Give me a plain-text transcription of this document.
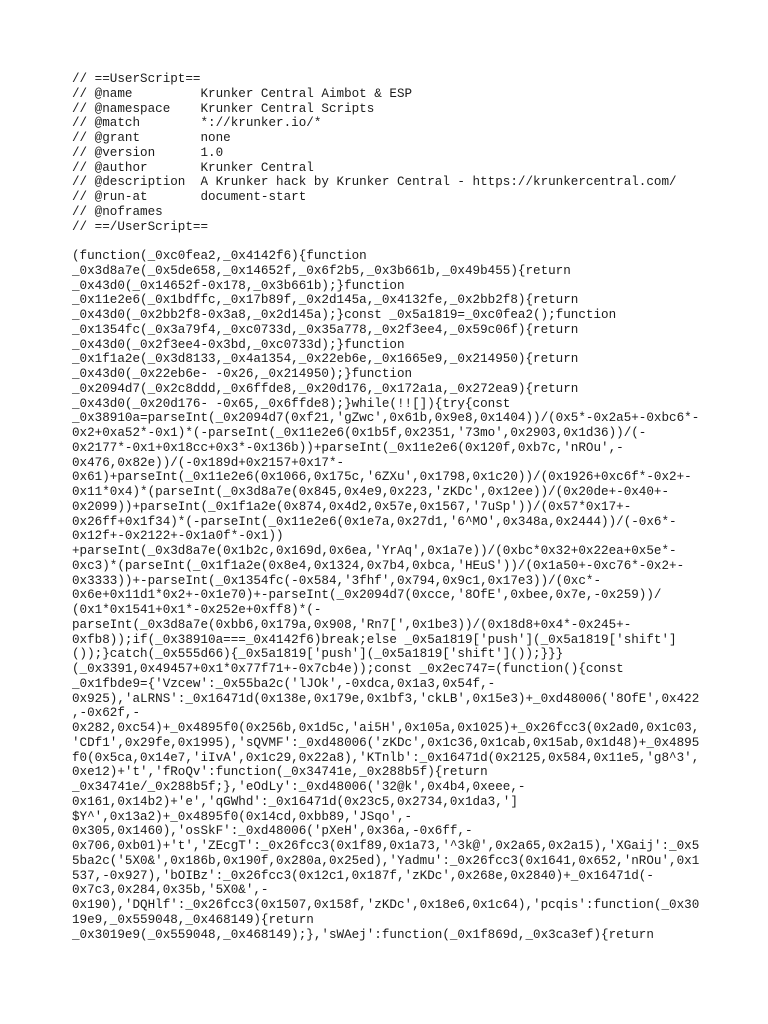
// ==UserScript==
// @name         Krunker Central Aimbot & ESP
// @namespace    Krunker Central Scripts
// @match        *://krunker.io/*
// @grant        none
// @version      1.0
// @author       Krunker Central
// @description  A Krunker hack by Krunker Central - https://krunkercentral.com/
// @run-at       document-start
// @noframes
// ==/UserScript==
(function(_0xc0fea2,_0x4142f6){function
_0x3d8a7e(_0x5de658,_0x14652f,_0x6f2b5,_0x3b661b,_0x49b455){return
_0x43d0(_0x14652f-0x178,_0x3b661b);}function
_0x11e2e6(_0x1bdffc,_0x17b89f,_0x2d145a,_0x4132fe,_0x2bb2f8){return
_0x43d0(_0x2bb2f8-0x3a8,_0x2d145a);}const _0x5a1819=_0xc0fea2();function
_0x1354fc(_0x3a79f4,_0xc0733d,_0x35a778,_0x2f3ee4,_0x59c06f){return
_0x43d0(_0x2f3ee4-0x3bd,_0xc0733d);}function
_0x1f1a2e(_0x3d8133,_0x4a1354,_0x22eb6e,_0x1665e9,_0x214950){return
_0x43d0(_0x22eb6e- -0x26,_0x214950);}function
_0x2094d7(_0x2c8ddd,_0x6ffde8,_0x20d176,_0x172a1a,_0x272ea9){return
_0x43d0(_0x20d176- -0x65,_0x6ffde8);}while(!![]){try{const
_0x38910a=parseInt(_0x2094d7(0xf21,'gZwc',0x61b,0x9e8,0x1404))/(0x5*-0x2a5+-0xbc6*-
0x2+0xa52*-0x1)*(-parseInt(_0x11e2e6(0x1b5f,0x2351,'73mo',0x2903,0x1d36))/(-
0x2177*-0x1+0x18cc+0x3*-0x136b))+parseInt(_0x11e2e6(0x120f,0xb7c,'nROu',-
0x476,0x82e))/(-0x189d+0x2157+0x17*-
0x61)+parseInt(_0x11e2e6(0x1066,0x175c,'6ZXu',0x1798,0x1c20))/(0x1926+0xc6f*-0x2+-
0x11*0x4)*(parseInt(_0x3d8a7e(0x845,0x4e9,0x223,'zKDc',0x12ee))/(0x20de+-0x40+-
0x2099))+parseInt(_0x1f1a2e(0x874,0x4d2,0x57e,0x1567,'7uSp'))/(0x57*0x17+-
0x26ff+0x1f34)*(-parseInt(_0x11e2e6(0x1e7a,0x27d1,'6^MO',0x348a,0x2444))/(-0x6*-
0x12f+-0x2122+-0x1a0f*-0x1))
+parseInt(_0x3d8a7e(0x1b2c,0x169d,0x6ea,'YrAq',0x1a7e))/(0xbc*0x32+0x22ea+0x5e*-
0xc3)*(parseInt(_0x1f1a2e(0x8e4,0x1324,0x7b4,0xbca,'HEuS'))/(0x1a50+-0xc76*-0x2+-
0x3333))+-parseInt(_0x1354fc(-0x584,'3fhf',0x794,0x9c1,0x17e3))/(0xc*-
0x6e+0x11d1*0x2+-0x1e70)+-parseInt(_0x2094d7(0xcce,'8OfE',0xbee,0x7e,-0x259))/
(0x1*0x1541+0x1*-0x252e+0xff8)*(-
parseInt(_0x3d8a7e(0xbb6,0x179a,0x908,'Rn7[',0x1be3))/(0x18d8+0x4*-0x245+-
0xfb8));if(_0x38910a===_0x4142f6)break;else _0x5a1819['push'](_0x5a1819['shift']
());}catch(_0x555d66){_0x5a1819['push'](_0x5a1819['shift']());}}}
(_0x3391,0x49457+0x1*0x77f71+-0x7cb4e));const _0x2ec747=(function(){const
_0x1fbde9={'Vzcew':_0x55ba2c('lJOk',-0xdca,0x1a3,0x54f,-
0x925),'aLRNS':_0x16471d(0x138e,0x179e,0x1bf3,'ckLB',0x15e3)+_0xd48006('8OfE',0x422
,-0x62f,-
0x282,0xc54)+_0x4895f0(0x256b,0x1d5c,'ai5H',0x105a,0x1025)+_0x26fcc3(0x2ad0,0x1c03,
'CDf1',0x29fe,0x1995),'sQVMF':_0xd48006('zKDc',0x1c36,0x1cab,0x15ab,0x1d48)+_0x4895
f0(0x5ca,0x14e7,'iIvA',0x1c29,0x22a8),'KTnlb':_0x16471d(0x2125,0x584,0x11e5,'g8^3',
0xe12)+'t','fRoQv':function(_0x34741e,_0x288b5f){return
_0x34741e/_0x288b5f;},'eOdLy':_0xd48006('32@k',0x4b4,0xeee,-
0x161,0x14b2)+'e','qGWhd':_0x16471d(0x23c5,0x2734,0x1da3,']
$Y^',0x13a2)+_0x4895f0(0x14cd,0xbb89,'JSqo',-
0x305,0x1460),'osSkF':_0xd48006('pXeH',0x36a,-0x6ff,-
0x706,0xb01)+'t','ZEcgT':_0x26fcc3(0x1f89,0x1a73,'^3k@',0x2a65,0x2a15),'XGaij':_0x5
5ba2c('5X0&',0x186b,0x190f,0x280a,0x25ed),'Yadmu':_0x26fcc3(0x1641,0x652,'nROu',0x1
537,-0x927),'bOIBz':_0x26fcc3(0x12c1,0x187f,'zKDc',0x268e,0x2840)+_0x16471d(-
0x7c3,0x284,0x35b,'5X0&',-
0x190),'DQHlf':_0x26fcc3(0x1507,0x158f,'zKDc',0x18e6,0x1c64),'pcqis':function(_0x30
19e9,_0x559048,_0x468149){return
_0x3019e9(_0x559048,_0x468149);},'sWAej':function(_0x1f869d,_0x3ca3ef){return
